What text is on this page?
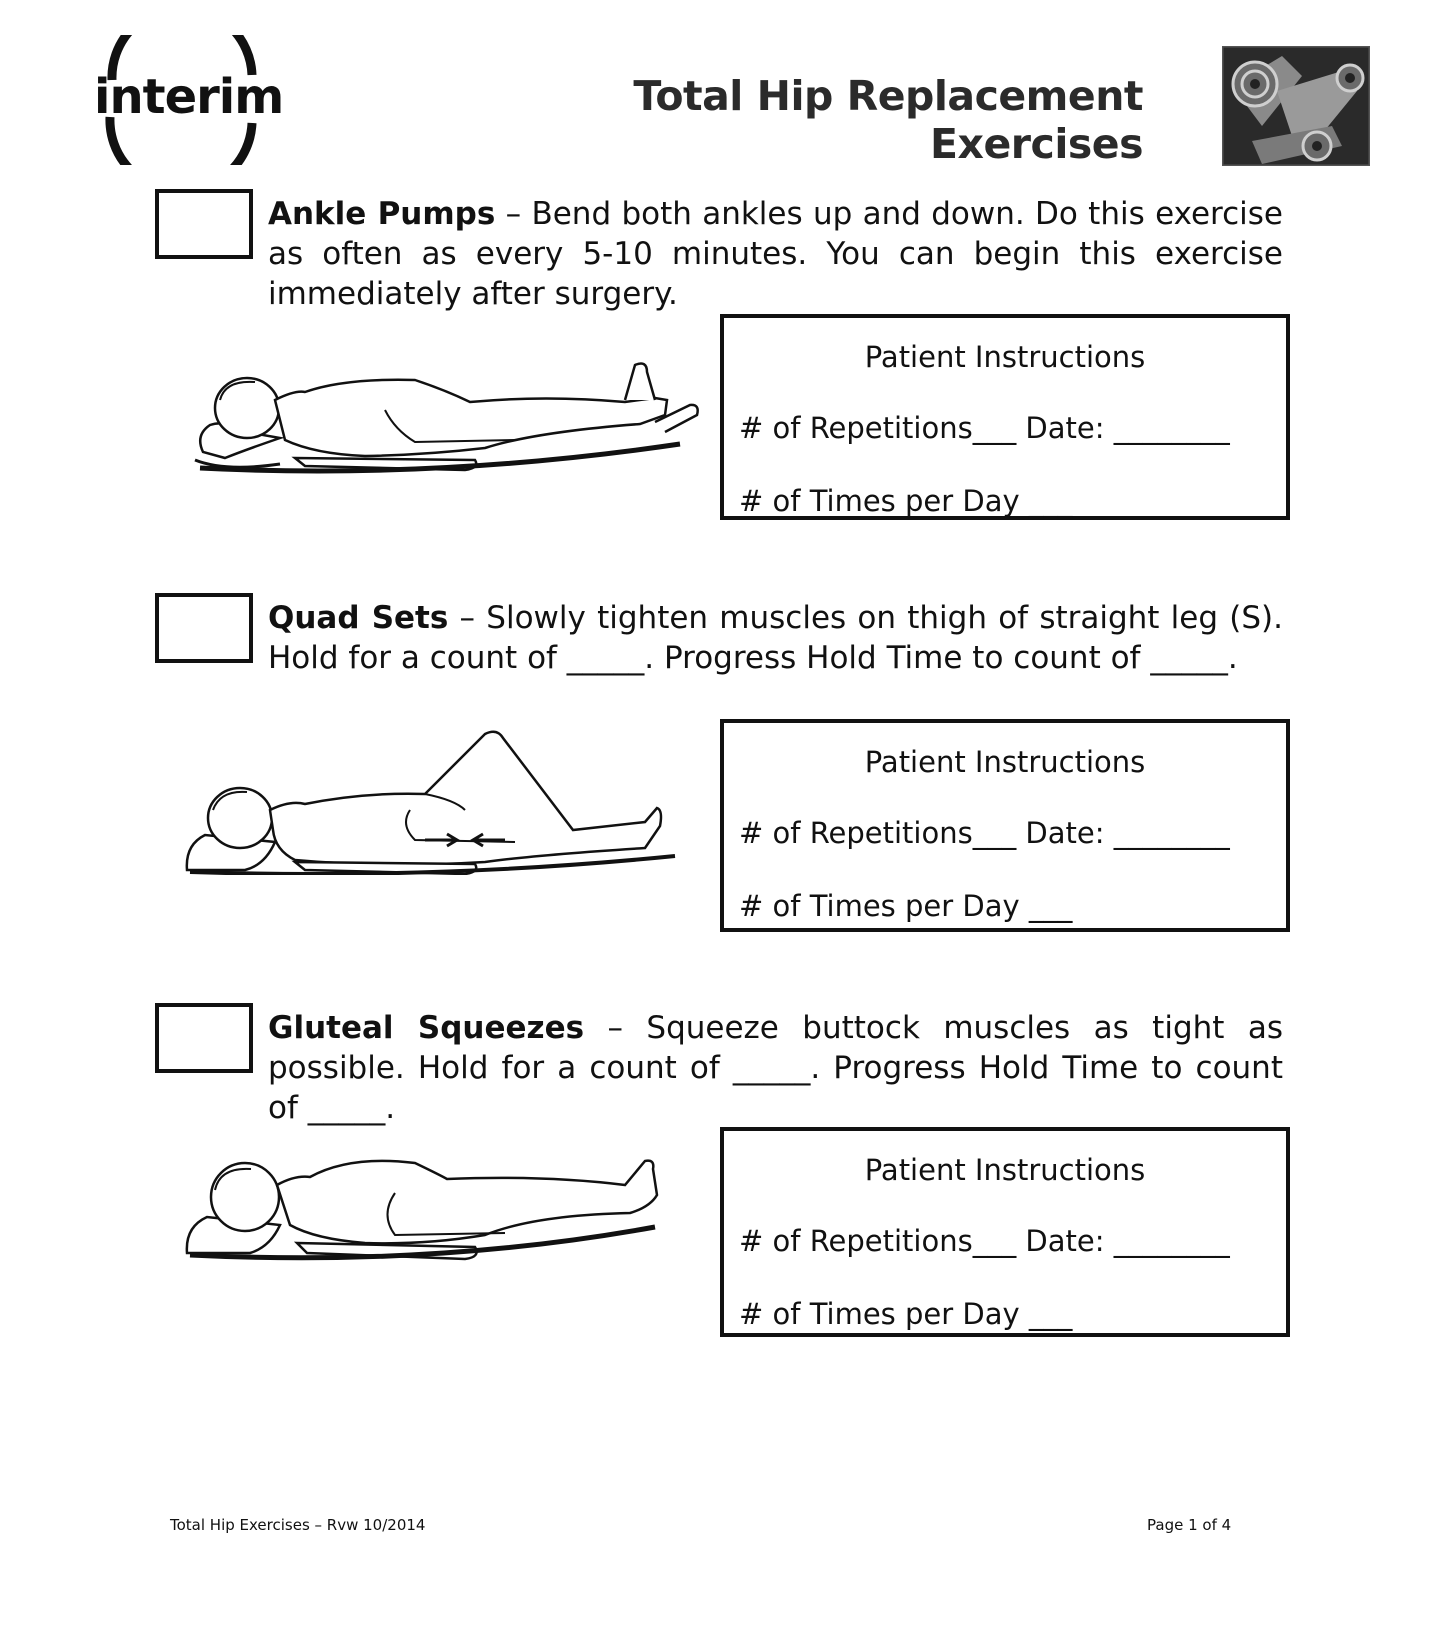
interim	Total Hip Replacement
Exercises
Ankle Pumps – Bend both ankles up and down. Do this exercise as often as every 5-10 minutes. You can begin this exercise immediately after surgery.
Patient Instructions
# of Repetitions___ Date: ________
# of Times per Day ___
Quad Sets – Slowly tighten muscles on thigh of straight leg (S). Hold for a count of _____. Progress Hold Time to count of _____.
Patient Instructions
# of Repetitions___ Date: ________
# of Times per Day ___
Gluteal Squeezes – Squeeze buttock muscles as tight as possible. Hold for a count of _____. Progress Hold Time to count of _____.
Patient Instructions
# of Repetitions___ Date: ________
# of Times per Day ___
Total Hip Exercises – Rvw 10/2014	Page 1 of 4
